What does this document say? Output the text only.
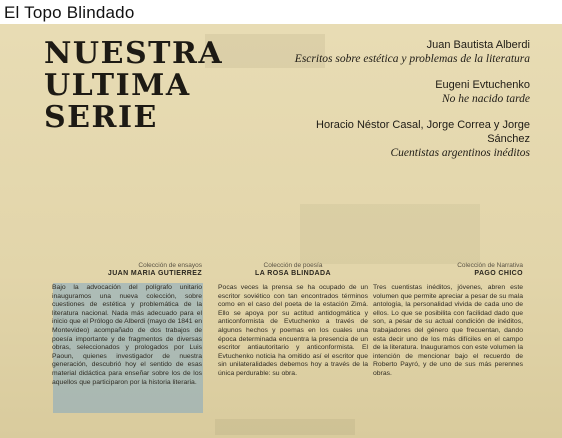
El Topo Blindado
NUESTRA
ULTIMA
SERIE
Juan Bautista Alberdi
Escritos sobre estética y problemas de la literatura
Eugeni Evtuchenko
No he nacido tarde
Horacio Néstor Casal, Jorge Correa y Jorge Sánchez
Cuentistas argentinos inéditos
Colección de ensayos
JUAN MARIA GUTIERREZ
Bajo la advocación del polígrafo unitario inauguramos una nueva colección, sobre cuestiones de estética y problemática de la literatura nacional. Nada más adecuado para el inicio que el Prólogo de Alberdi (mayo de 1841 en Montevideo) acompañado de dos trabajos de poesía importante y de fragmentos de diversas obras, seleccionados y prologados por Luis Paoun, quienes investigador de nuestra generación, descubrió hoy el sentido de esas material didáctica para enseñar sobre los de los aquellos que participaron por la historia literaria.
Colección de poesía
LA ROSA BLINDADA
Pocas veces la prensa se ha ocupado de un escritor soviético con tan encontrados términos como en el caso del poeta de la estación Zimá. Ello se apoya por su actitud antidogmática y anticonformista de Evtuchenko a través de algunos hechos y poemas en los cuales una época determinada encuentra la presencia de un escritor antiautoritario y anticonformista. El Evtuchenko noticia ha omitido así el escritor que sin unilateralidades debemos hoy a través de la única perdurable: su obra.
Colección de Narrativa
PAGO CHICO
Tres cuentistas inéditos, jóvenes, abren este volumen que permite apreciar a pesar de su mala antología, la personalidad vivida de cada uno de ellos. Lo que se posibilita con facilidad dado que son, a pesar de su actual condición de inéditos, trabajadores del género que frecuentan, dando esta decir uno de los más difíciles en el campo de la literatura. Inauguramos con este volumen la intención de mencionar bajo el recuerdo de Roberto Payró, y de uno de sus más perennes obras.
